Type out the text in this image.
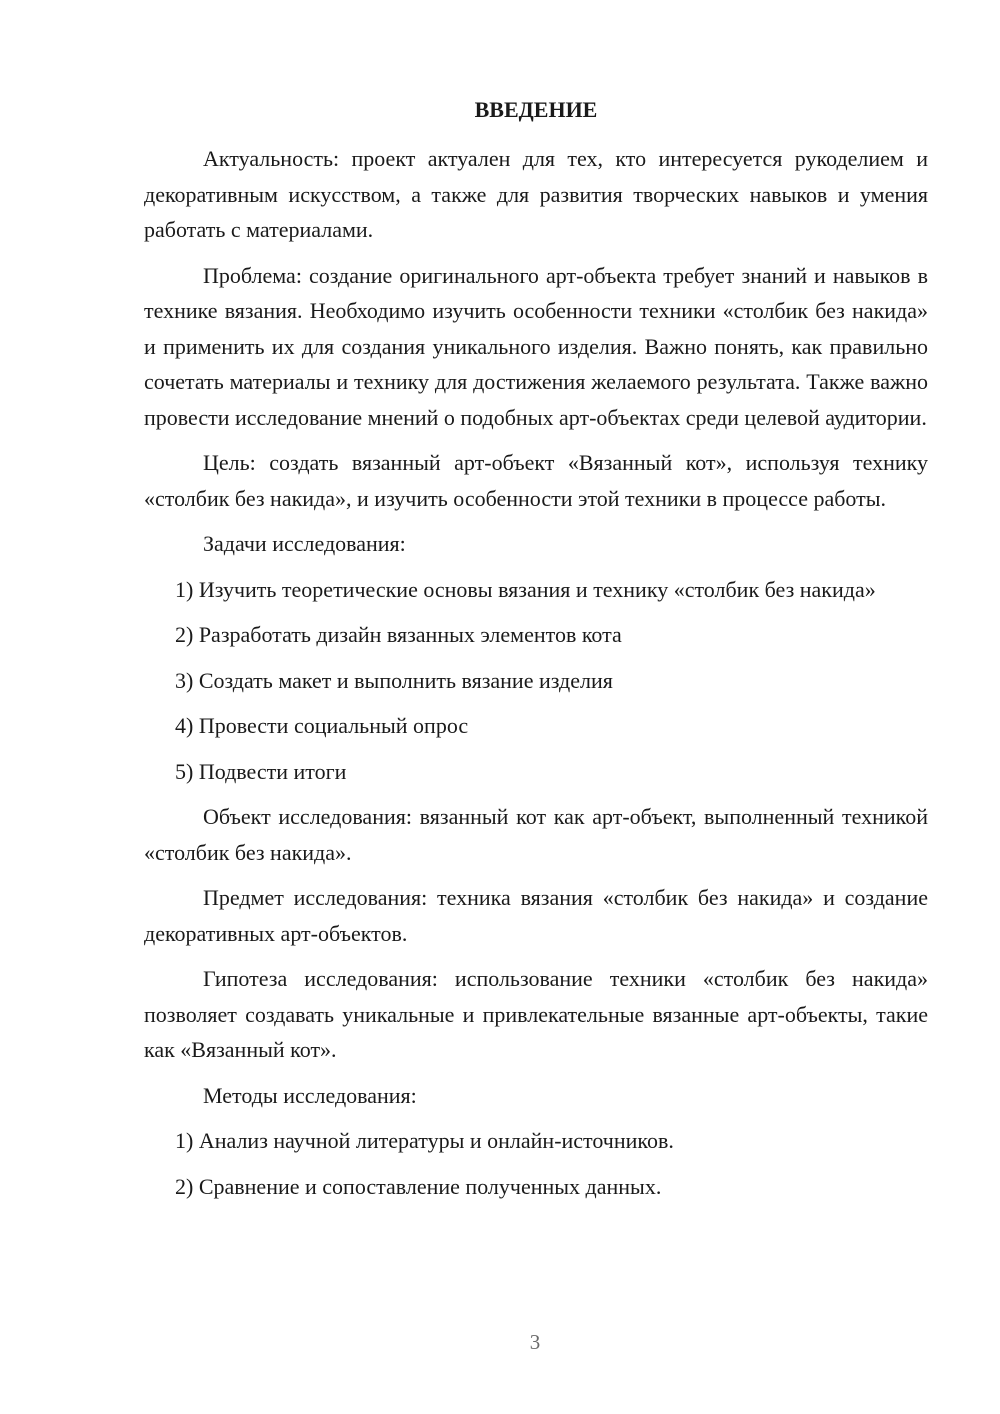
ВВЕДЕНИЕ
Актуальность: проект актуален для тех, кто интересуется рукоделием и декоративным искусством, а также для развития творческих навыков и умения работать с материалами.
Проблема: создание оригинального арт-объекта требует знаний и навыков в технике вязания. Необходимо изучить особенности техники «столбик без накида» и применить их для создания уникального изделия. Важно понять, как правильно сочетать материалы и технику для достижения желаемого результата. Также важно провести исследование мнений о подобных арт-объектах среди целевой аудитории.
Цель: создать вязанный арт-объект «Вязанный кот», используя технику «столбик без накида», и изучить особенности этой техники в процессе работы.
Задачи исследования:
1) Изучить теоретические основы вязания и технику «столбик без накида»
2) Разработать дизайн вязанных элементов кота
3) Создать макет и выполнить вязание изделия
4) Провести социальный опрос
5) Подвести итоги
Объект исследования: вязанный кот как арт-объект, выполненный техникой «столбик без накида».
Предмет исследования: техника вязания «столбик без накида» и создание декоративных арт-объектов.
Гипотеза исследования: использование техники «столбик без накида» позволяет создавать уникальные и привлекательные вязанные арт-объекты, такие как «Вязанный кот».
Методы исследования:
1) Анализ научной литературы и онлайн-источников.
2) Сравнение и сопоставление полученных данных.
3
